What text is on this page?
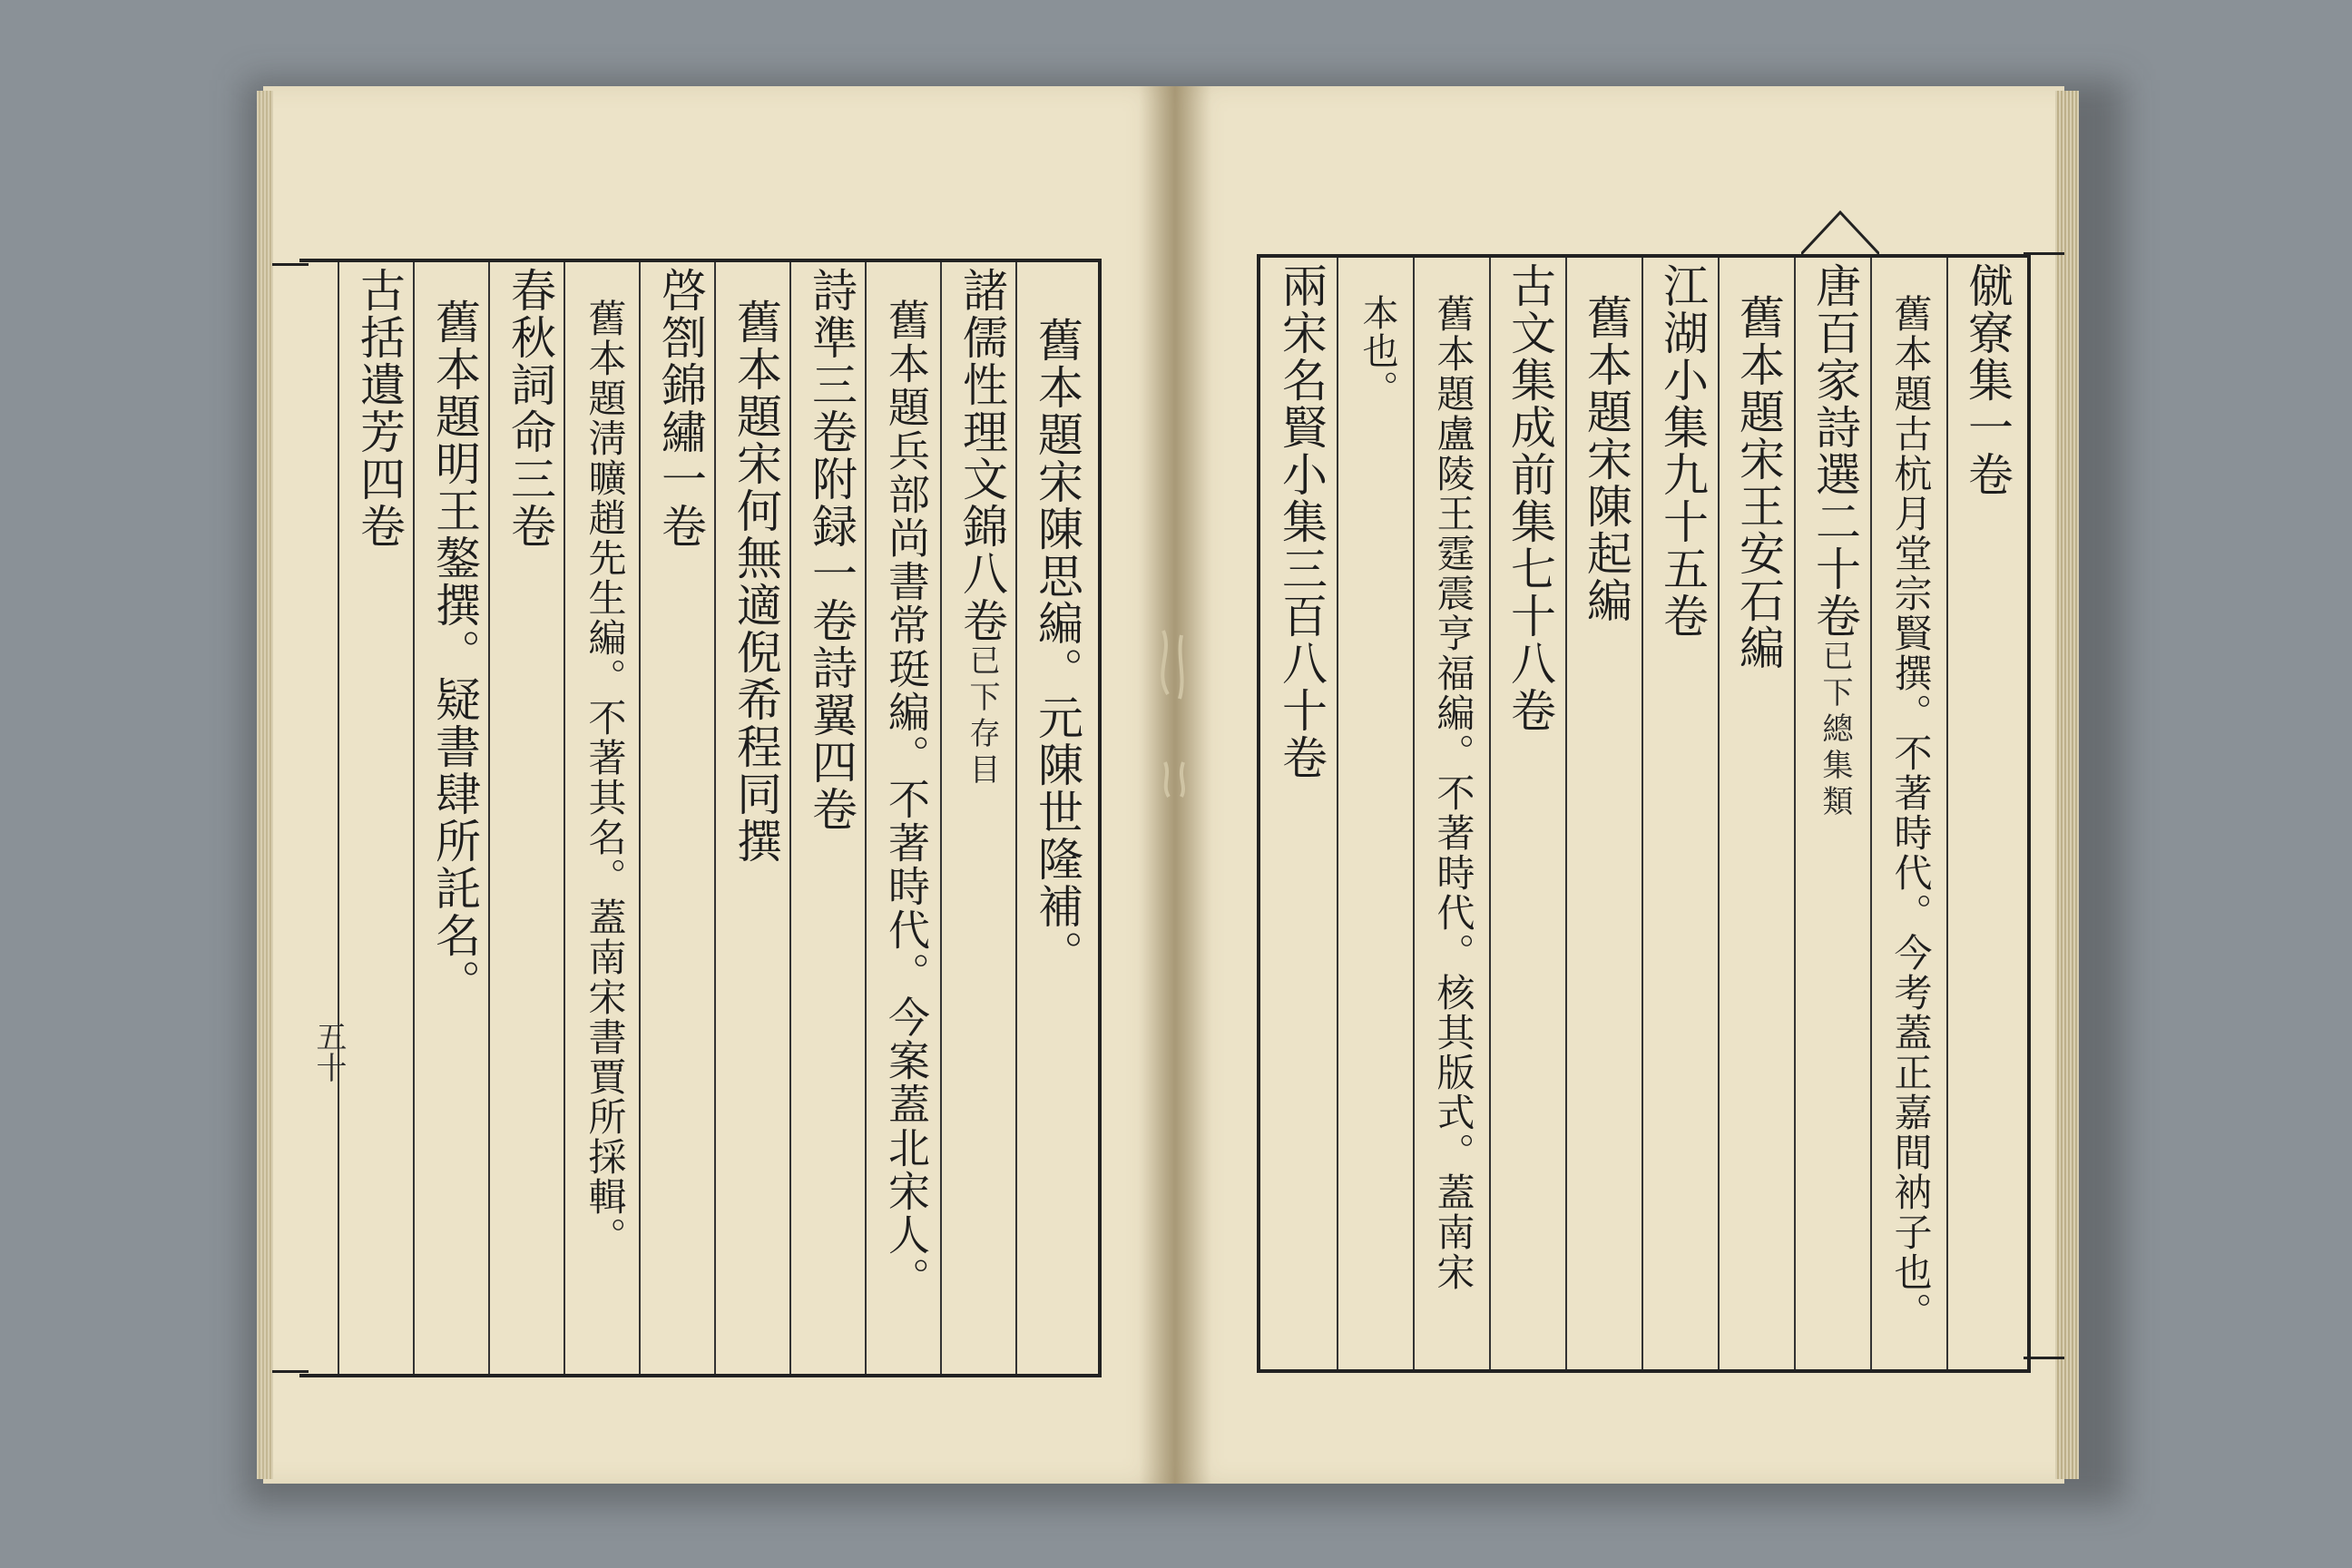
舊本題宋陳思編。元陳世隆補。
諸儒性理文錦八卷
已下存目
舊本題兵部尚書常珽編。不著時代。今案蓋北宋人。
詩準三卷附録一卷詩翼四卷
舊本題宋何無適倪希程同撰
啓劄錦繡一卷
舊本題淸曠趙先生編。不著其名。蓋南宋書賈所採輯。
春秋詞命三卷
舊本題明王鏊撰。疑書肆所託名。
古括遺芳四卷
五十
僦寮集一卷
舊本題古杭月堂宗賢撰。不著時代。今考蓋正嘉間衲子也。
唐百家詩選二十卷
已下總集類
舊本題宋王安石編
江湖小集九十五卷
舊本題宋陳起編
古文集成前集七十八卷
舊本題盧陵王霆震亨福編。不著時代。核其版式。蓋南宋
本也。
兩宋名賢小集三百八十卷
